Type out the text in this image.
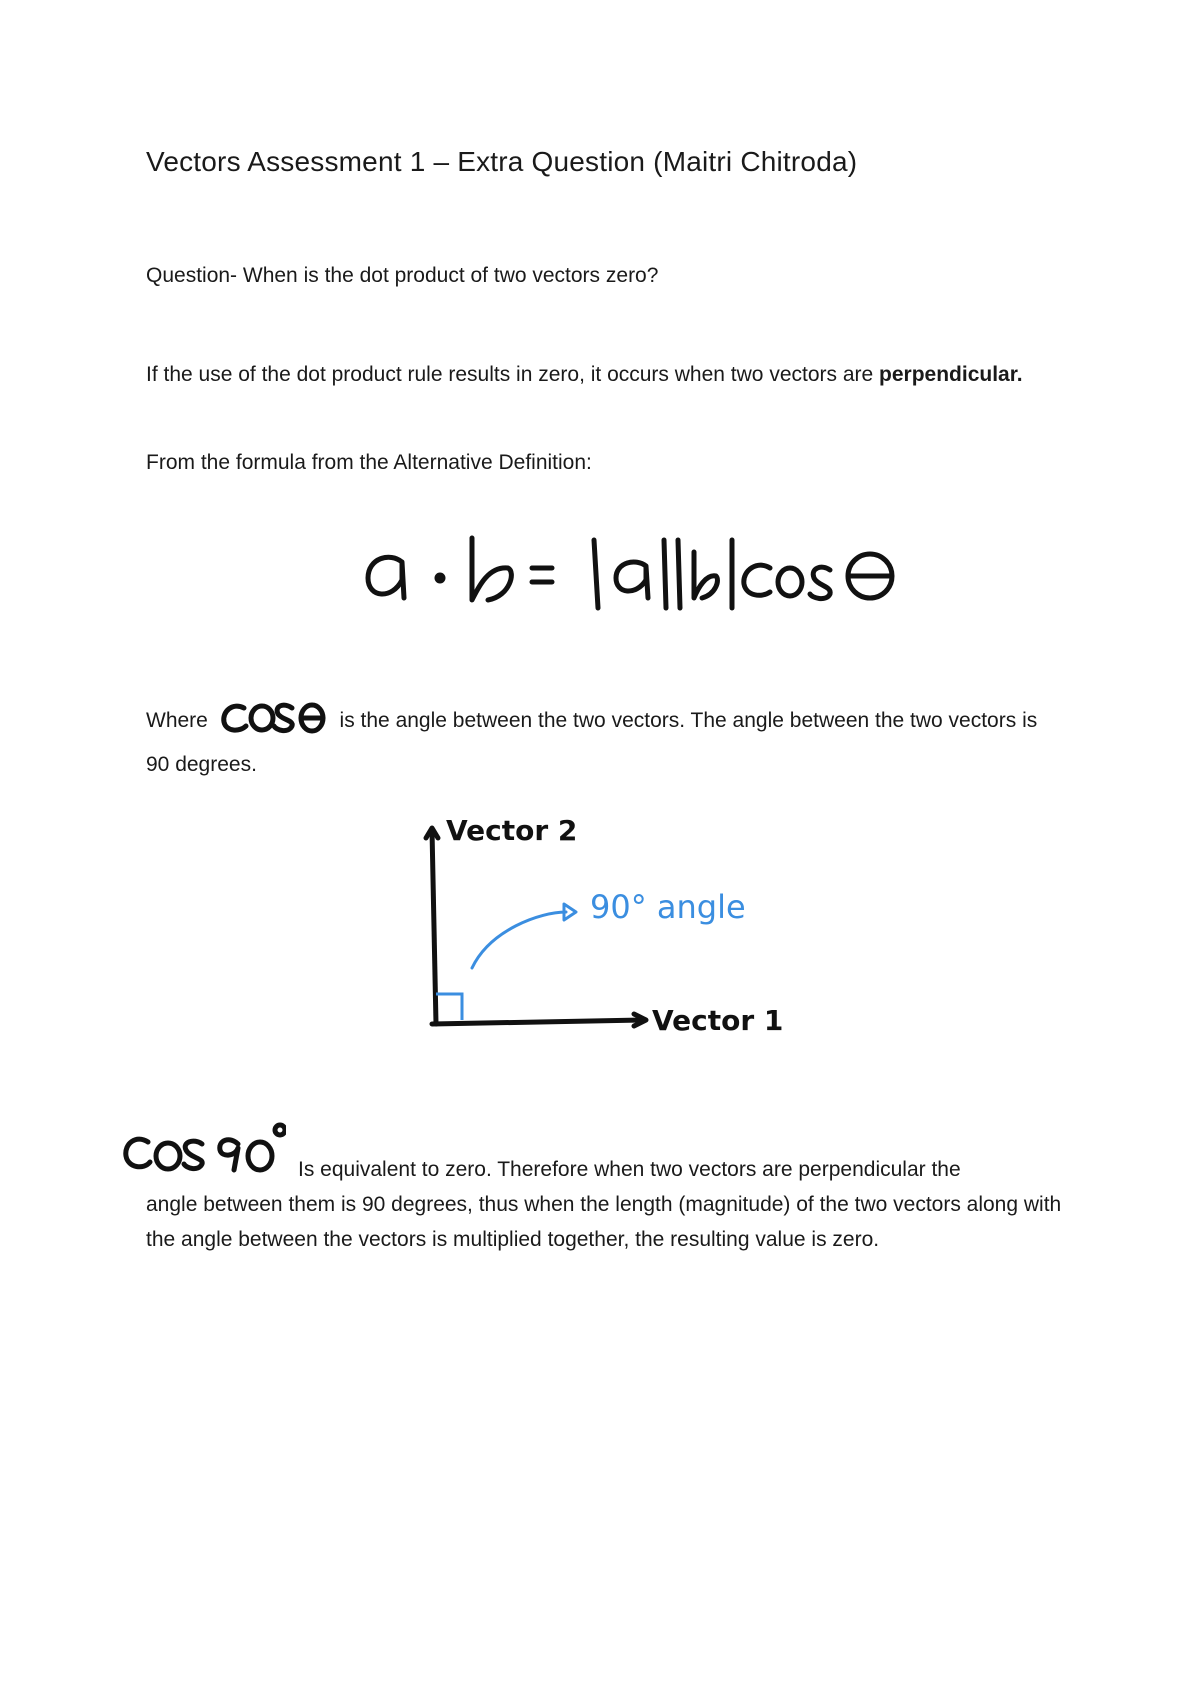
Vectors Assessment 1 – Extra Question (Maitri Chitroda)

Question- When is the dot product of two vectors zero?

If the use of the dot product rule results in zero, it occurs when two vectors are perpendicular.

From the formula from the Alternative Definition:

Where	is the angle between the two vectors. The angle between the two vectors is 90 degrees.
Vector 2
Vector 1
90° angle
Is equivalent to zero. Therefore when two vectors are perpendicular the
angle between them is 90 degrees, thus when the length (magnitude) of the two vectors along with the angle between the vectors is multiplied together, the resulting value is zero.
